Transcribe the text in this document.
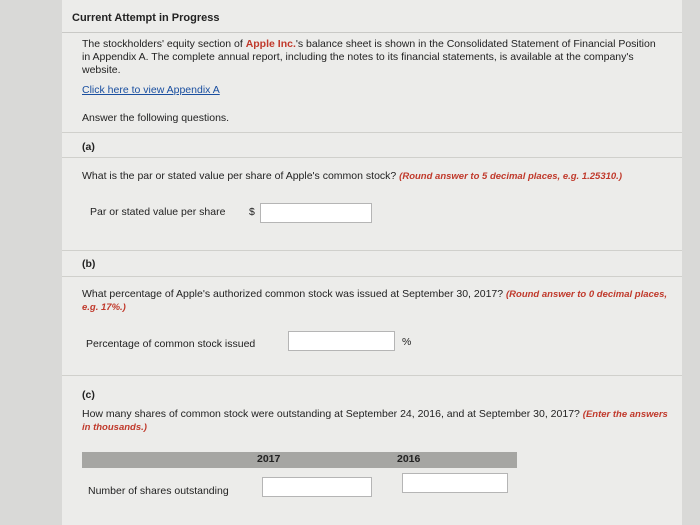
Current Attempt in Progress
The stockholders' equity section of Apple Inc.'s balance sheet is shown in the Consolidated Statement of Financial Position in Appendix A. The complete annual report, including the notes to its financial statements, is available at the company's website.
Click here to view Appendix A
Answer the following questions.
(a)
What is the par or stated value per share of Apple's common stock? (Round answer to 5 decimal places, e.g. 1.25310.)
Par or stated value per share $
(b)
What percentage of Apple's authorized common stock was issued at September 30, 2017? (Round answer to 0 decimal places, e.g. 17%.)
Percentage of common stock issued	%
(c)
How many shares of common stock were outstanding at September 24, 2016, and at September 30, 2017? (Enter the answers in thousands.)
2017	2016
Number of shares outstanding
